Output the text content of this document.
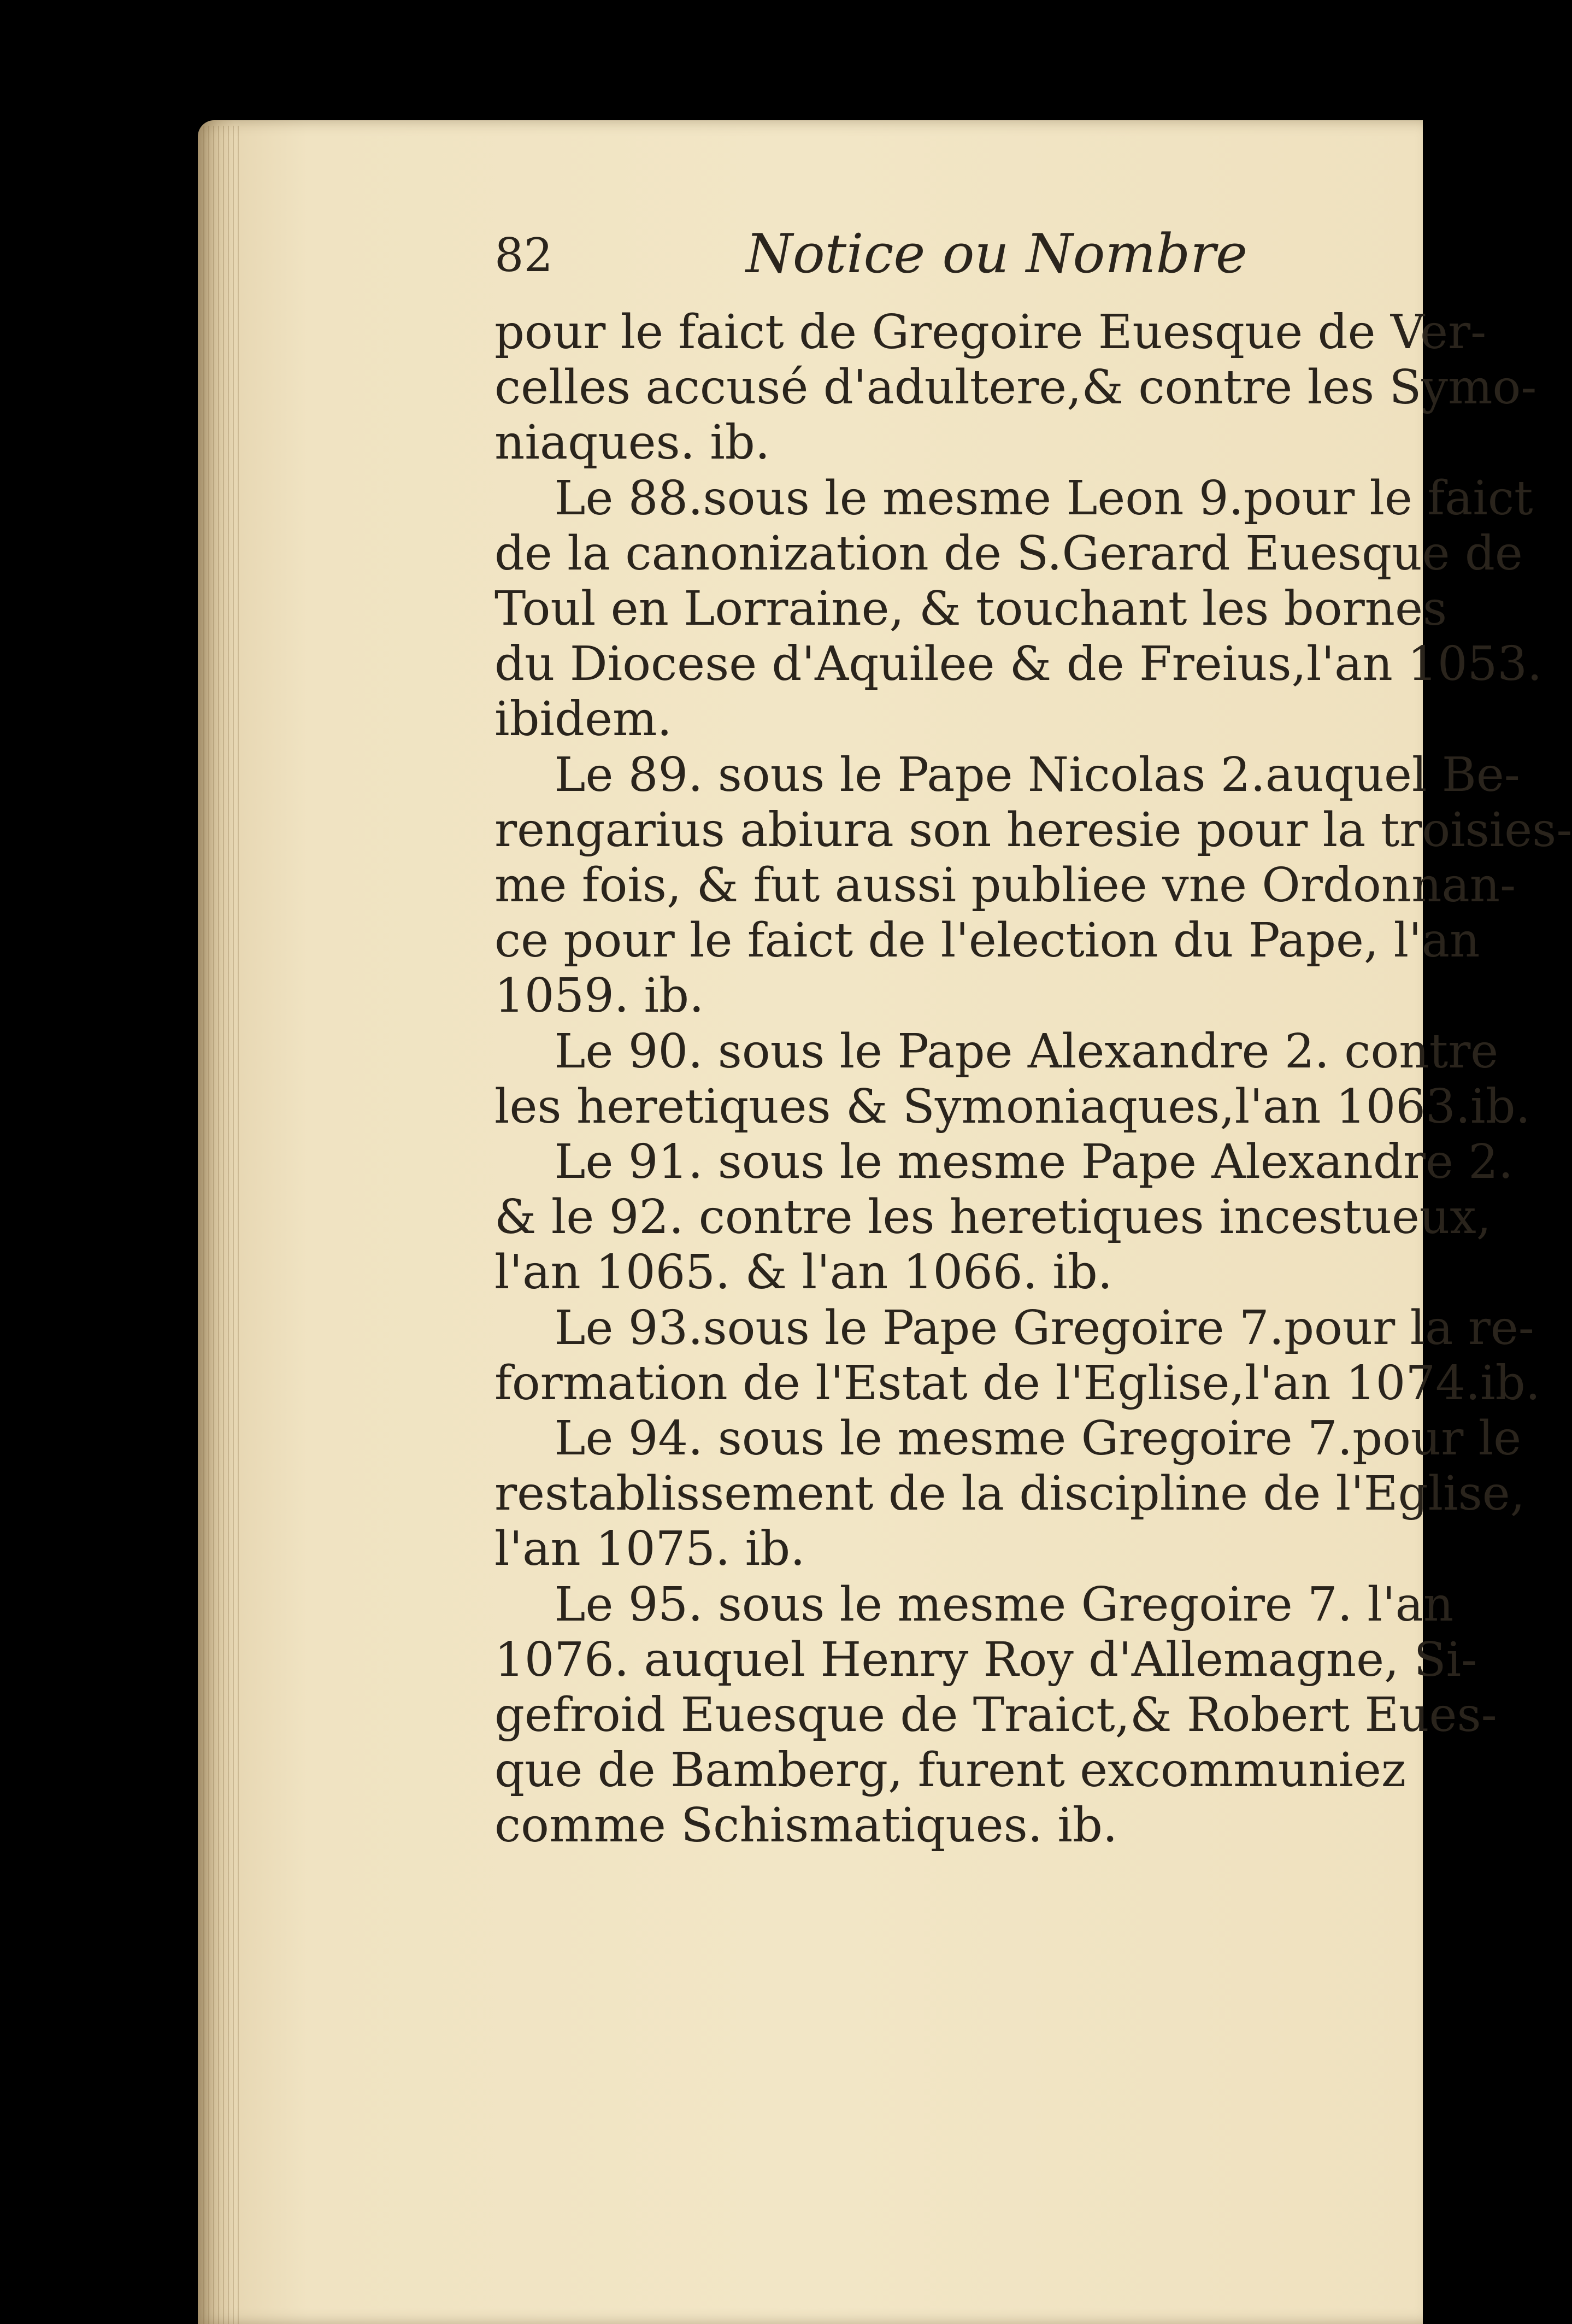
82	Notice ou Nombre
pour le faict de Gregoire Euesque de Ver-
celles accusé d'adultere,& contre les Symo-
niaques. ib.
Le 88.sous le mesme Leon 9.pour le faict
de la canonization de S.Gerard Euesque de
Toul en Lorraine, & touchant les bornes
du Diocese d'Aquilee & de Freius,l'an 1053.
ibidem.
Le 89. sous le Pape Nicolas 2.auquel Be-
rengarius abiura son heresie pour la troisies-
me fois, & fut aussi publiee vne Ordonnan-
ce pour le faict de l'election du Pape, l'an
1059. ib.
Le 90. sous le Pape Alexandre 2. contre
les heretiques & Symoniaques,l'an 1063.ib.
Le 91. sous le mesme Pape Alexandre 2.
& le 92. contre les heretiques incestueux,
l'an 1065. & l'an 1066. ib.
Le 93.sous le Pape Gregoire 7.pour la re-
formation de l'Estat de l'Eglise,l'an 1074.ib.
Le 94. sous le mesme Gregoire 7.pour le
restablissement de la discipline de l'Eglise,
l'an 1075. ib.
Le 95. sous le mesme Gregoire 7. l'an
1076. auquel Henry Roy d'Allemagne, Si-
gefroid Euesque de Traict,& Robert Eues-
que de Bamberg, furent excommuniez
comme Schismatiques. ib.
